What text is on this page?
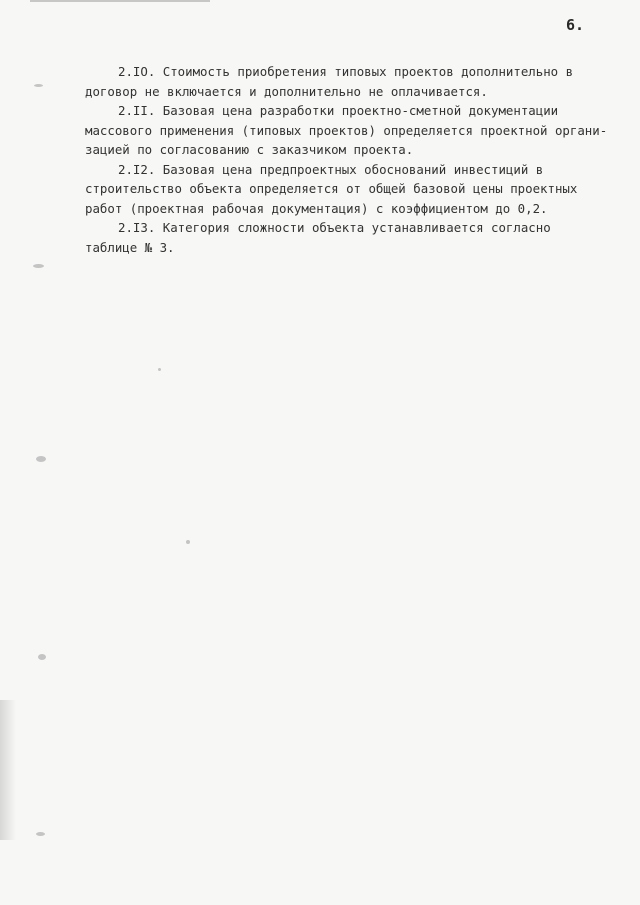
6.

2.IO. Стоимость приобретения типовых проектов дополнительно в
договор не включается и дополнительно не оплачивается.

2.II. Базовая цена разработки проектно-сметной документации
массового применения (типовых проектов) определяется проектной органи-
зацией по согласованию с заказчиком проекта.

2.I2. Базовая цена предпроектных обоснований инвестиций в
строительство объекта определяется от общей базовой цены проектных
работ (проектная рабочая документация) с коэффициентом до 0,2.

2.I3. Категория сложности объекта устанавливается согласно
таблице № 3.
